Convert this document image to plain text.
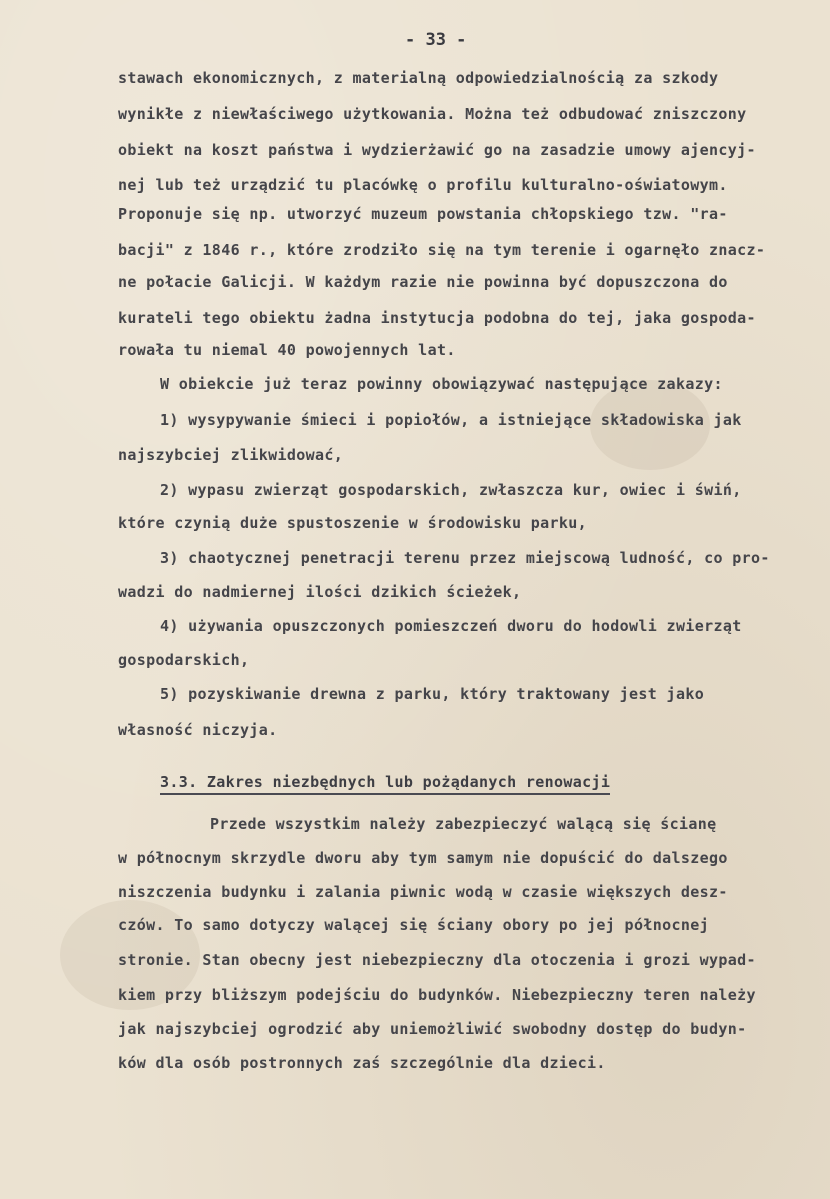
- 33 -
stawach ekonomicznych, z materialną odpowiedzialnością za szkody
wynikłe z niewłaściwego użytkowania. Można też odbudować zniszczony
obiekt na koszt państwa i wydzierżawić go na zasadzie umowy ajencyj-
nej lub też urządzić tu placówkę o profilu kulturalno-oświatowym.
Proponuje się np. utworzyć muzeum powstania chłopskiego tzw. "ra-
bacji" z 1846 r., które zrodziło się na tym terenie i ogarnęło znacz-
ne połacie Galicji. W każdym razie nie powinna być dopuszczona do
kurateli tego obiektu żadna instytucja podobna do tej, jaka gospoda-
rowała tu niemal 40 powojennych lat.
W obiekcie już teraz powinny obowiązywać następujące zakazy:
1) wysypywanie śmieci i popiołów, a istniejące składowiska jak
najszybciej zlikwidować,
2) wypasu zwierząt gospodarskich, zwłaszcza kur, owiec i świń,
które czynią duże spustoszenie w środowisku parku,
3) chaotycznej penetracji terenu przez miejscową ludność, co pro-
wadzi do nadmiernej ilości dzikich ścieżek,
4) używania opuszczonych pomieszczeń dworu do hodowli zwierząt
gospodarskich,
5) pozyskiwanie drewna z parku, który traktowany jest jako
własność niczyja.
3.3. Zakres niezbędnych lub pożądanych renowacji
Przede wszystkim należy zabezpieczyć walącą się ścianę
w północnym skrzydle dworu aby tym samym nie dopuścić do dalszego
niszczenia budynku i zalania piwnic wodą w czasie większych desz-
czów. To samo dotyczy walącej się ściany obory po jej północnej
stronie. Stan obecny jest niebezpieczny dla otoczenia i grozi wypad-
kiem przy bliższym podejściu do budynków. Niebezpieczny teren należy
jak najszybciej ogrodzić aby uniemożliwić swobodny dostęp do budyn-
ków dla osób postronnych zaś szczególnie dla dzieci.
